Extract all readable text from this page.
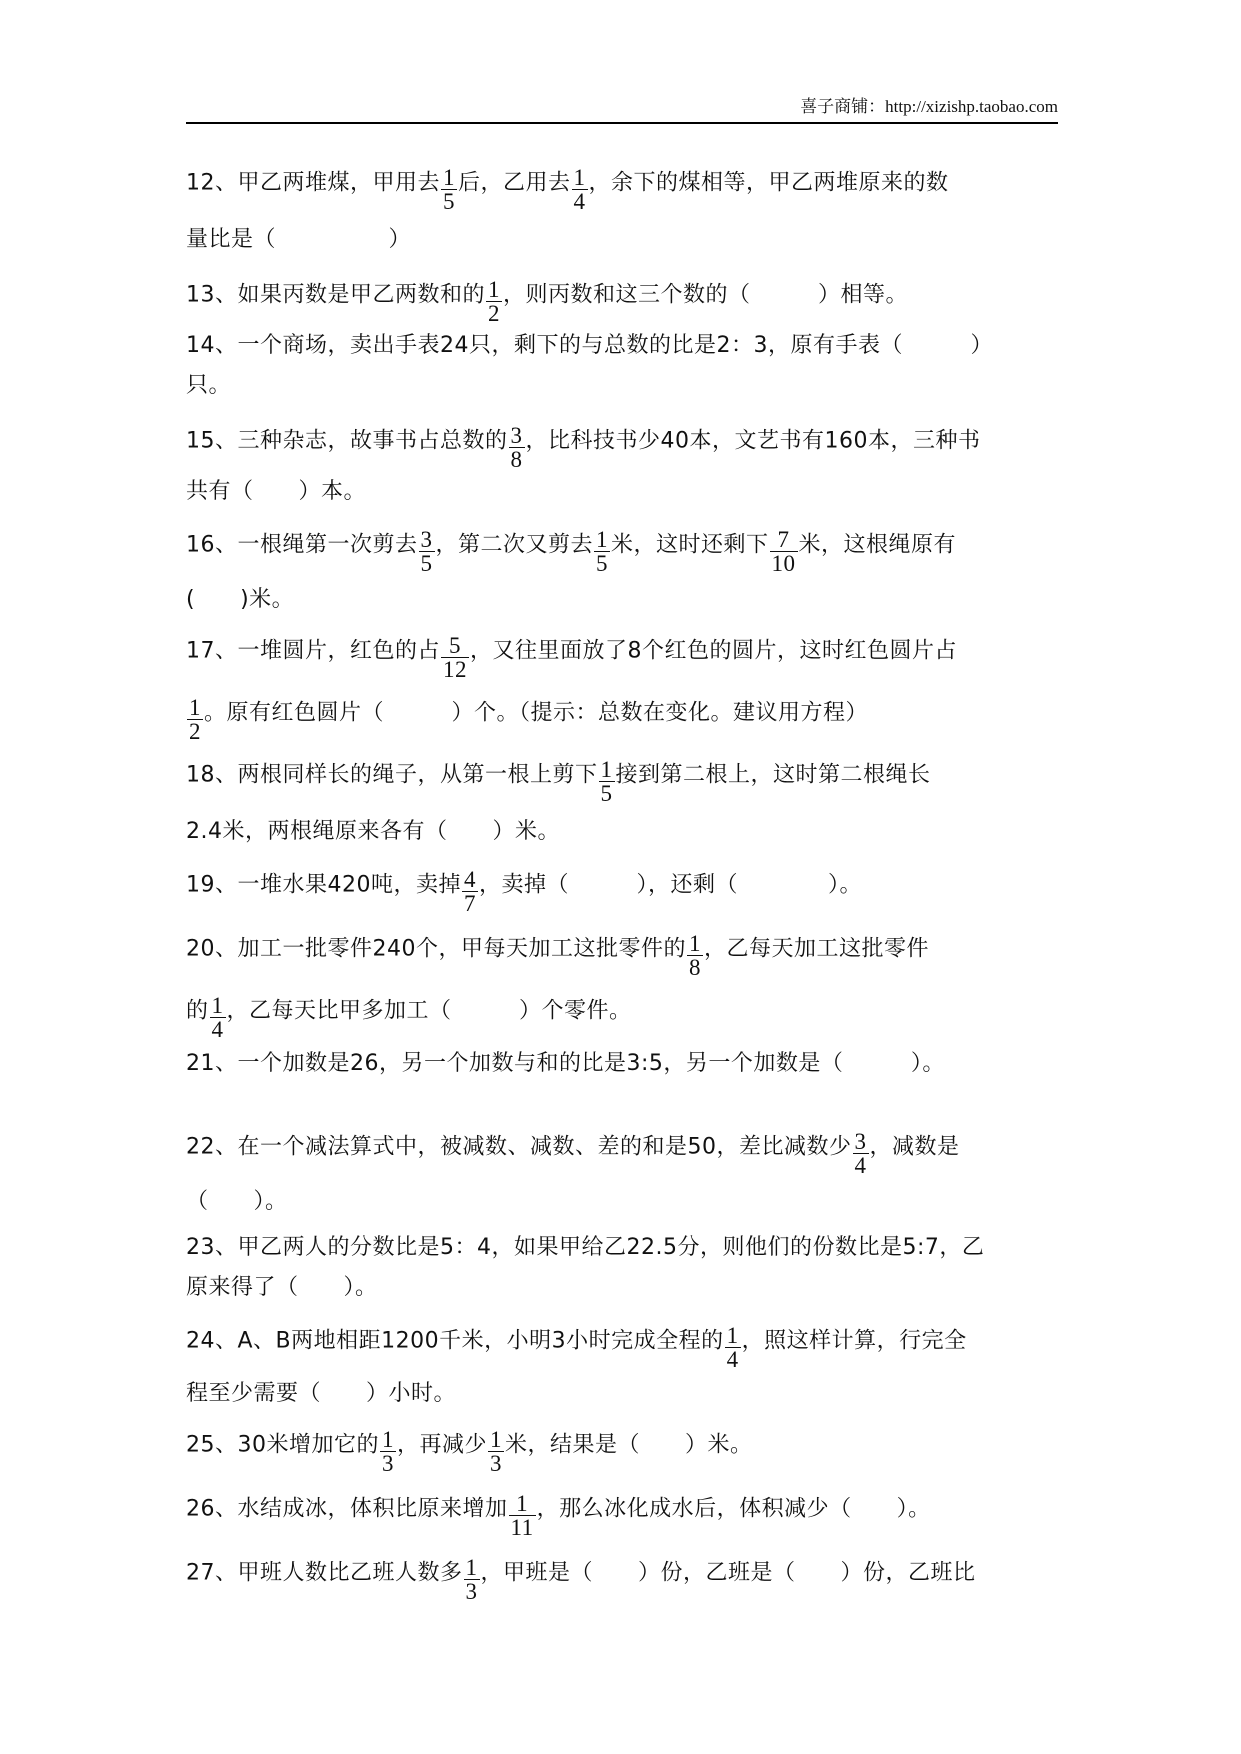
喜子商铺：http://xizishp.taobao.com
12、甲乙两堆煤，甲用去 $\frac{1}{5}$ 后，乙用去 $\frac{1}{4}$ ，余下的煤相等，甲乙两堆原来的数
量比是（　　　　　）
13、如果丙数是甲乙两数和的 $\frac{1}{2}$ ，则丙数和这三个数的（　　　）相等。
14、一个商场，卖出手表24只，剩下的与总数的比是2：3，原有手表（　　　）
只。
15、三种杂志，故事书占总数的 $\frac{3}{8}$ ，比科技书少40本，文艺书有160本，三种书
共有（　　）本。
16、一根绳第一次剪去 $\frac{3}{5}$ ，第二次又剪去 $\frac{1}{5}$ 米，这时还剩下 $\frac{7}{10}$ 米，这根绳原有
(　　)米。
17、一堆圆片，红色的占 $\frac{5}{12}$ ，又往里面放了8个红色的圆片，这时红色圆片占
$\frac{1}{2}$ 。原有红色圆片（　　　）个。（提示：总数在变化。建议用方程）
18、两根同样长的绳子，从第一根上剪下 $\frac{1}{5}$ 接到第二根上，这时第二根绳长
2.4米，两根绳原来各有（　　）米。
19、一堆水果420吨，卖掉 $\frac{4}{7}$ ，卖掉（　　　），还剩（　　　　）。
20、加工一批零件240个，甲每天加工这批零件的 $\frac{1}{8}$ ，乙每天加工这批零件
的 $\frac{1}{4}$ ，乙每天比甲多加工（　　　）个零件。
21、一个加数是26，另一个加数与和的比是3:5，另一个加数是（　　　）。
22、在一个减法算式中，被减数、减数、差的和是50，差比减数少 $\frac{3}{4}$ ，减数是
（　　）。
23、甲乙两人的分数比是5：4，如果甲给乙22.5分，则他们的份数比是5:7，乙
原来得了（　　）。
24、A、B两地相距1200千米，小明3小时完成全程的 $\frac{1}{4}$ ，照这样计算，行完全
程至少需要（　　）小时。
25、30米增加它的 $\frac{1}{3}$ ，再减少 $\frac{1}{3}$ 米，结果是（　　）米。
26、水结成冰，体积比原来增加 $\frac{1}{11}$ ，那么冰化成水后，体积减少（　　）。
27、甲班人数比乙班人数多 $\frac{1}{3}$ ，甲班是（　　）份，乙班是（　　）份，乙班比
